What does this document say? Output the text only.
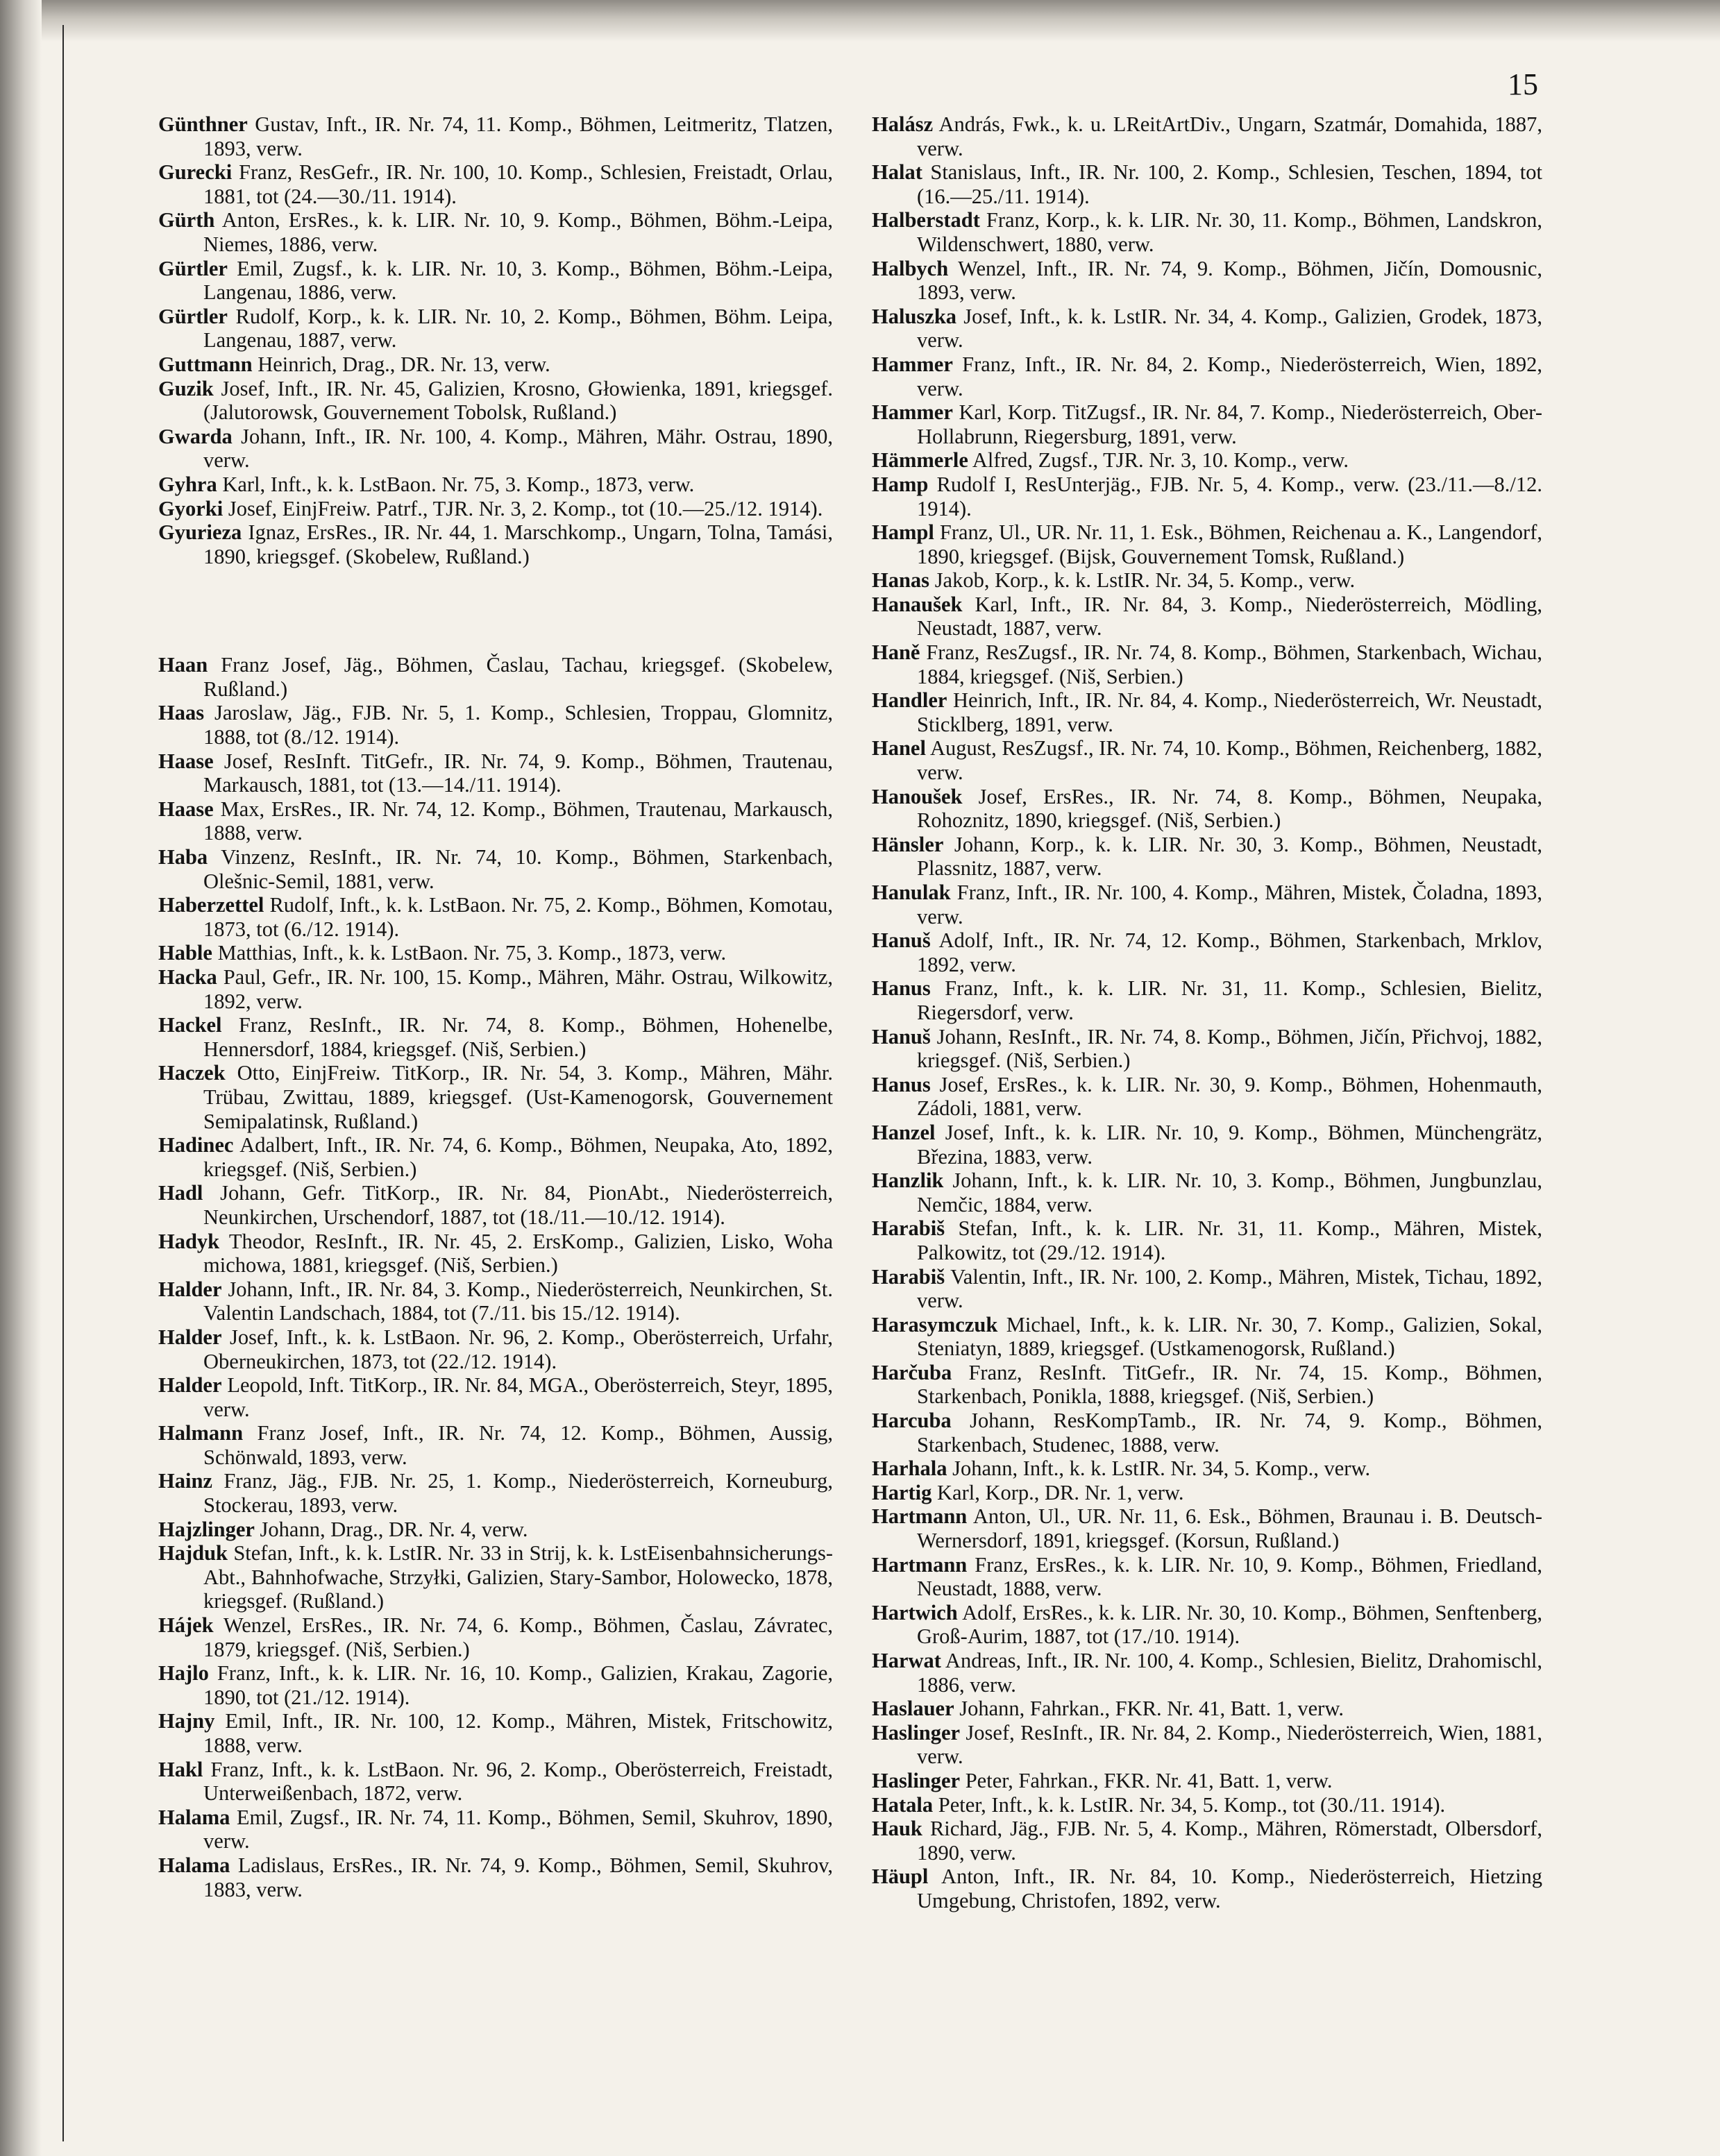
15
Günthner Gustav, Inft., IR. Nr. 74, 11. Komp., Böhmen, Leitmeritz, Tlatzen, 1893, verw.
Gurecki Franz, ResGefr., IR. Nr. 100, 10. Komp., Schlesien, Freistadt, Orlau, 1881, tot (24.—30./11. 1914).
Gürth Anton, ErsRes., k. k. LIR. Nr. 10, 9. Komp., Böhmen, Böhm.-Leipa, Niemes, 1886, verw.
Gürtler Emil, Zugsf., k. k. LIR. Nr. 10, 3. Komp., Böhmen, Böhm.-Leipa, Langenau, 1886, verw.
Gürtler Rudolf, Korp., k. k. LIR. Nr. 10, 2. Komp., Böhmen, Böhm. Leipa, Langenau, 1887, verw.
Guttmann Heinrich, Drag., DR. Nr. 13, verw.
Guzik Josef, Inft., IR. Nr. 45, Galizien, Krosno, Głowienka, 1891, kriegsgef. (Jalutorowsk, Gouvernement Tobolsk, Rußland.)
Gwarda Johann, Inft., IR. Nr. 100, 4. Komp., Mähren, Mähr. Ostrau, 1890, verw.
Gyhra Karl, Inft., k. k. LstBaon. Nr. 75, 3. Komp., 1873, verw.
Gyorki Josef, EinjFreiw. Patrf., TJR. Nr. 3, 2. Komp., tot (10.—25./12. 1914).
Gyurieza Ignaz, ErsRes., IR. Nr. 44, 1. Marschkomp., Ungarn, Tolna, Tamási, 1890, kriegsgef. (Skobelew, Rußland.)
Haan Franz Josef, Jäg., Böhmen, Časlau, Tachau, kriegsgef. (Skobelew, Rußland.)
Haas Jaroslaw, Jäg., FJB. Nr. 5, 1. Komp., Schlesien, Troppau, Glomnitz, 1888, tot (8./12. 1914).
Haase Josef, ResInft. TitGefr., IR. Nr. 74, 9. Komp., Böhmen, Trautenau, Markausch, 1881, tot (13.—14./11. 1914).
Haase Max, ErsRes., IR. Nr. 74, 12. Komp., Böhmen, Trautenau, Markausch, 1888, verw.
Haba Vinzenz, ResInft., IR. Nr. 74, 10. Komp., Böhmen, Starkenbach, Olešnic-Semil, 1881, verw.
Haberzettel Rudolf, Inft., k. k. LstBaon. Nr. 75, 2. Komp., Böhmen, Komotau, 1873, tot (6./12. 1914).
Hable Matthias, Inft., k. k. LstBaon. Nr. 75, 3. Komp., 1873, verw.
Hacka Paul, Gefr., IR. Nr. 100, 15. Komp., Mähren, Mähr. Ostrau, Wilkowitz, 1892, verw.
Hackel Franz, ResInft., IR. Nr. 74, 8. Komp., Böhmen, Hohenelbe, Hennersdorf, 1884, kriegsgef. (Niš, Serbien.)
Haczek Otto, EinjFreiw. TitKorp., IR. Nr. 54, 3. Komp., Mähren, Mähr. Trübau, Zwittau, 1889, kriegsgef. (Ust-Kamenogorsk, Gouvernement Semipalatinsk, Rußland.)
Hadinec Adalbert, Inft., IR. Nr. 74, 6. Komp., Böhmen, Neupaka, Ato, 1892, kriegsgef. (Niš, Serbien.)
Hadl Johann, Gefr. TitKorp., IR. Nr. 84, PionAbt., Niederösterreich, Neunkirchen, Urschendorf, 1887, tot (18./11.—10./12. 1914).
Hadyk Theodor, ResInft., IR. Nr. 45, 2. ErsKomp., Galizien, Lisko, Woha michowa, 1881, kriegsgef. (Niš, Serbien.)
Halder Johann, Inft., IR. Nr. 84, 3. Komp., Niederösterreich, Neunkirchen, St. Valentin Landschach, 1884, tot (7./11. bis 15./12. 1914).
Halder Josef, Inft., k. k. LstBaon. Nr. 96, 2. Komp., Oberösterreich, Urfahr, Oberneukirchen, 1873, tot (22./12. 1914).
Halder Leopold, Inft. TitKorp., IR. Nr. 84, MGA., Oberösterreich, Steyr, 1895, verw.
Halmann Franz Josef, Inft., IR. Nr. 74, 12. Komp., Böhmen, Aussig, Schönwald, 1893, verw.
Hainz Franz, Jäg., FJB. Nr. 25, 1. Komp., Niederösterreich, Korneuburg, Stockerau, 1893, verw.
Hajzlinger Johann, Drag., DR. Nr. 4, verw.
Hajduk Stefan, Inft., k. k. LstIR. Nr. 33 in Strij, k. k. LstEisenbahnsicherungs-Abt., Bahnhofwache, Strzyłki, Galizien, Stary-Sambor, Holowecko, 1878, kriegsgef. (Rußland.)
Hájek Wenzel, ErsRes., IR. Nr. 74, 6. Komp., Böhmen, Časlau, Závratec, 1879, kriegsgef. (Niš, Serbien.)
Hajlo Franz, Inft., k. k. LIR. Nr. 16, 10. Komp., Galizien, Krakau, Zagorie, 1890, tot (21./12. 1914).
Hajny Emil, Inft., IR. Nr. 100, 12. Komp., Mähren, Mistek, Fritschowitz, 1888, verw.
Hakl Franz, Inft., k. k. LstBaon. Nr. 96, 2. Komp., Oberösterreich, Freistadt, Unterweißenbach, 1872, verw.
Halama Emil, Zugsf., IR. Nr. 74, 11. Komp., Böhmen, Semil, Skuhrov, 1890, verw.
Halama Ladislaus, ErsRes., IR. Nr. 74, 9. Komp., Böhmen, Semil, Skuhrov, 1883, verw.
Halász András, Fwk., k. u. LReitArtDiv., Ungarn, Szatmár, Domahida, 1887, verw.
Halat Stanislaus, Inft., IR. Nr. 100, 2. Komp., Schlesien, Teschen, 1894, tot (16.—25./11. 1914).
Halberstadt Franz, Korp., k. k. LIR. Nr. 30, 11. Komp., Böhmen, Landskron, Wildenschwert, 1880, verw.
Halbych Wenzel, Inft., IR. Nr. 74, 9. Komp., Böhmen, Jičín, Domousnic, 1893, verw.
Haluszka Josef, Inft., k. k. LstIR. Nr. 34, 4. Komp., Galizien, Grodek, 1873, verw.
Hammer Franz, Inft., IR. Nr. 84, 2. Komp., Niederösterreich, Wien, 1892, verw.
Hammer Karl, Korp. TitZugsf., IR. Nr. 84, 7. Komp., Niederösterreich, Ober-Hollabrunn, Riegersburg, 1891, verw.
Hämmerle Alfred, Zugsf., TJR. Nr. 3, 10. Komp., verw.
Hamp Rudolf I, ResUnterjäg., FJB. Nr. 5, 4. Komp., verw. (23./11.—8./12. 1914).
Hampl Franz, Ul., UR. Nr. 11, 1. Esk., Böhmen, Reichenau a. K., Langendorf, 1890, kriegsgef. (Bijsk, Gouvernement Tomsk, Rußland.)
Hanas Jakob, Korp., k. k. LstIR. Nr. 34, 5. Komp., verw.
Hanaušek Karl, Inft., IR. Nr. 84, 3. Komp., Niederösterreich, Mödling, Neustadt, 1887, verw.
Haně Franz, ResZugsf., IR. Nr. 74, 8. Komp., Böhmen, Starkenbach, Wichau, 1884, kriegsgef. (Niš, Serbien.)
Handler Heinrich, Inft., IR. Nr. 84, 4. Komp., Niederösterreich, Wr. Neustadt, Sticklberg, 1891, verw.
Hanel August, ResZugsf., IR. Nr. 74, 10. Komp., Böhmen, Reichenberg, 1882, verw.
Hanoušek Josef, ErsRes., IR. Nr. 74, 8. Komp., Böhmen, Neupaka, Rohoznitz, 1890, kriegsgef. (Niš, Serbien.)
Hänsler Johann, Korp., k. k. LIR. Nr. 30, 3. Komp., Böhmen, Neustadt, Plassnitz, 1887, verw.
Hanulak Franz, Inft., IR. Nr. 100, 4. Komp., Mähren, Mistek, Čoladna, 1893, verw.
Hanuš Adolf, Inft., IR. Nr. 74, 12. Komp., Böhmen, Starkenbach, Mrklov, 1892, verw.
Hanus Franz, Inft., k. k. LIR. Nr. 31, 11. Komp., Schlesien, Bielitz, Riegersdorf, verw.
Hanuš Johann, ResInft., IR. Nr. 74, 8. Komp., Böhmen, Jičín, Přichvoj, 1882, kriegsgef. (Niš, Serbien.)
Hanus Josef, ErsRes., k. k. LIR. Nr. 30, 9. Komp., Böhmen, Hohenmauth, Zádoli, 1881, verw.
Hanzel Josef, Inft., k. k. LIR. Nr. 10, 9. Komp., Böhmen, Münchengrätz, Březina, 1883, verw.
Hanzlik Johann, Inft., k. k. LIR. Nr. 10, 3. Komp., Böhmen, Jungbunzlau, Nemčic, 1884, verw.
Harabiš Stefan, Inft., k. k. LIR. Nr. 31, 11. Komp., Mähren, Mistek, Palkowitz, tot (29./12. 1914).
Harabiš Valentin, Inft., IR. Nr. 100, 2. Komp., Mähren, Mistek, Tichau, 1892, verw.
Harasymczuk Michael, Inft., k. k. LIR. Nr. 30, 7. Komp., Galizien, Sokal, Steniatyn, 1889, kriegsgef. (Ustkamenogorsk, Rußland.)
Harčuba Franz, ResInft. TitGefr., IR. Nr. 74, 15. Komp., Böhmen, Starkenbach, Ponikla, 1888, kriegsgef. (Niš, Serbien.)
Harcuba Johann, ResKompTamb., IR. Nr. 74, 9. Komp., Böhmen, Starkenbach, Studenec, 1888, verw.
Harhala Johann, Inft., k. k. LstIR. Nr. 34, 5. Komp., verw.
Hartig Karl, Korp., DR. Nr. 1, verw.
Hartmann Anton, Ul., UR. Nr. 11, 6. Esk., Böhmen, Braunau i. B. Deutsch-Wernersdorf, 1891, kriegsgef. (Korsun, Rußland.)
Hartmann Franz, ErsRes., k. k. LIR. Nr. 10, 9. Komp., Böhmen, Friedland, Neustadt, 1888, verw.
Hartwich Adolf, ErsRes., k. k. LIR. Nr. 30, 10. Komp., Böhmen, Senftenberg, Groß-Aurim, 1887, tot (17./10. 1914).
Harwat Andreas, Inft., IR. Nr. 100, 4. Komp., Schlesien, Bielitz, Drahomischl, 1886, verw.
Haslauer Johann, Fahrkan., FKR. Nr. 41, Batt. 1, verw.
Haslinger Josef, ResInft., IR. Nr. 84, 2. Komp., Niederösterreich, Wien, 1881, verw.
Haslinger Peter, Fahrkan., FKR. Nr. 41, Batt. 1, verw.
Hatala Peter, Inft., k. k. LstIR. Nr. 34, 5. Komp., tot (30./11. 1914).
Hauk Richard, Jäg., FJB. Nr. 5, 4. Komp., Mähren, Römerstadt, Olbersdorf, 1890, verw.
Häupl Anton, Inft., IR. Nr. 84, 10. Komp., Niederösterreich, Hietzing Umgebung, Christofen, 1892, verw.
